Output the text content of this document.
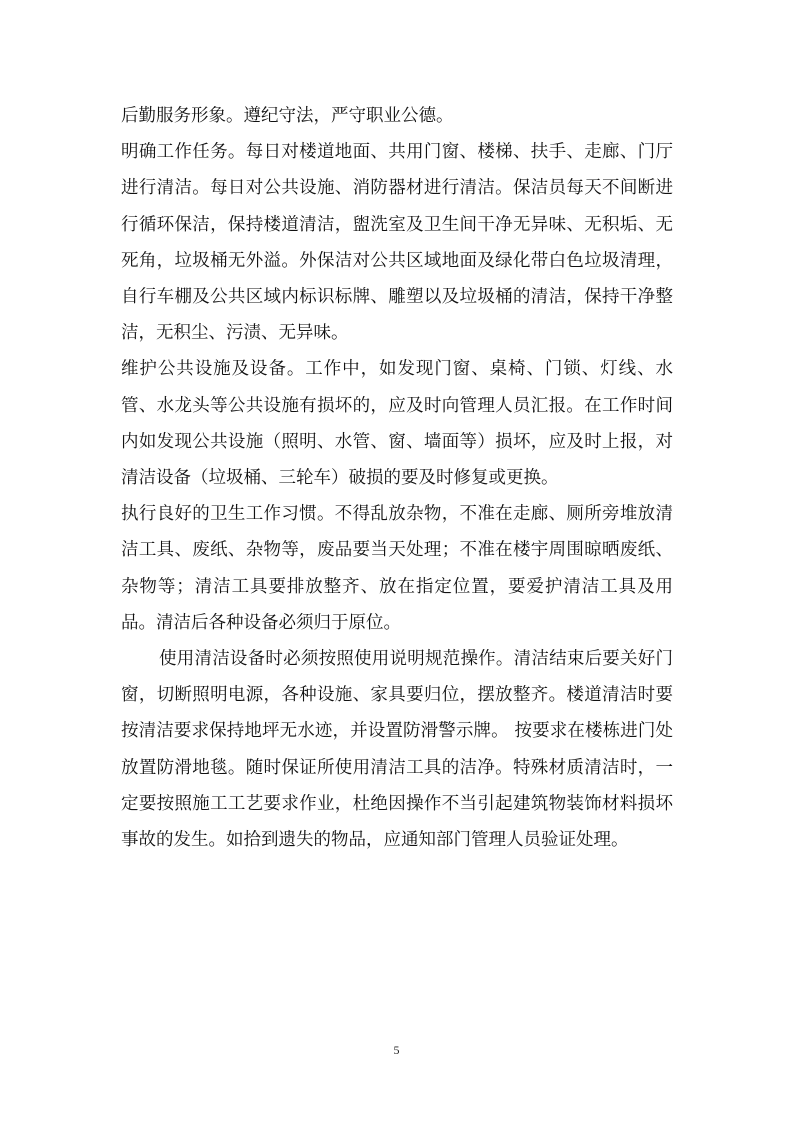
后勤服务形象。遵纪守法，严守职业公德。

明确工作任务。每日对楼道地面、共用门窗、楼梯、扶手、走廊、门厅进行清洁。每日对公共设施、消防器材进行清洁。保洁员每天不间断进行循环保洁，保持楼道清洁，盥洗室及卫生间干净无异味、无积垢、无死角，垃圾桶无外溢。外保洁对公共区域地面及绿化带白色垃圾清理，自行车棚及公共区域内标识标牌、雕塑以及垃圾桶的清洁，保持干净整洁，无积尘、污渍、无异味。

维护公共设施及设备。工作中，如发现门窗、桌椅、门锁、灯线、水管、水龙头等公共设施有损坏的，应及时向管理人员汇报。在工作时间内如发现公共设施（照明、水管、窗、墙面等）损坏，应及时上报，对清洁设备（垃圾桶、三轮车）破损的要及时修复或更换。

执行良好的卫生工作习惯。不得乱放杂物，不准在走廊、厕所旁堆放清洁工具、废纸、杂物等，废品要当天处理；不准在楼宇周围晾晒废纸、杂物等；清洁工具要排放整齐、放在指定位置，要爱护清洁工具及用品。清洁后各种设备必须归于原位。

使用清洁设备时必须按照使用说明规范操作。清洁结束后要关好门窗，切断照明电源，各种设施、家具要归位，摆放整齐。楼道清洁时要按清洁要求保持地坪无水迹，并设置防滑警示牌。 按要求在楼栋进门处放置防滑地毯。随时保证所使用清洁工具的洁净。特殊材质清洁时，一定要按照施工工艺要求作业，杜绝因操作不当引起建筑物装饰材料损坏事故的发生。如拾到遗失的物品，应通知部门管理人员验证处理。

5
